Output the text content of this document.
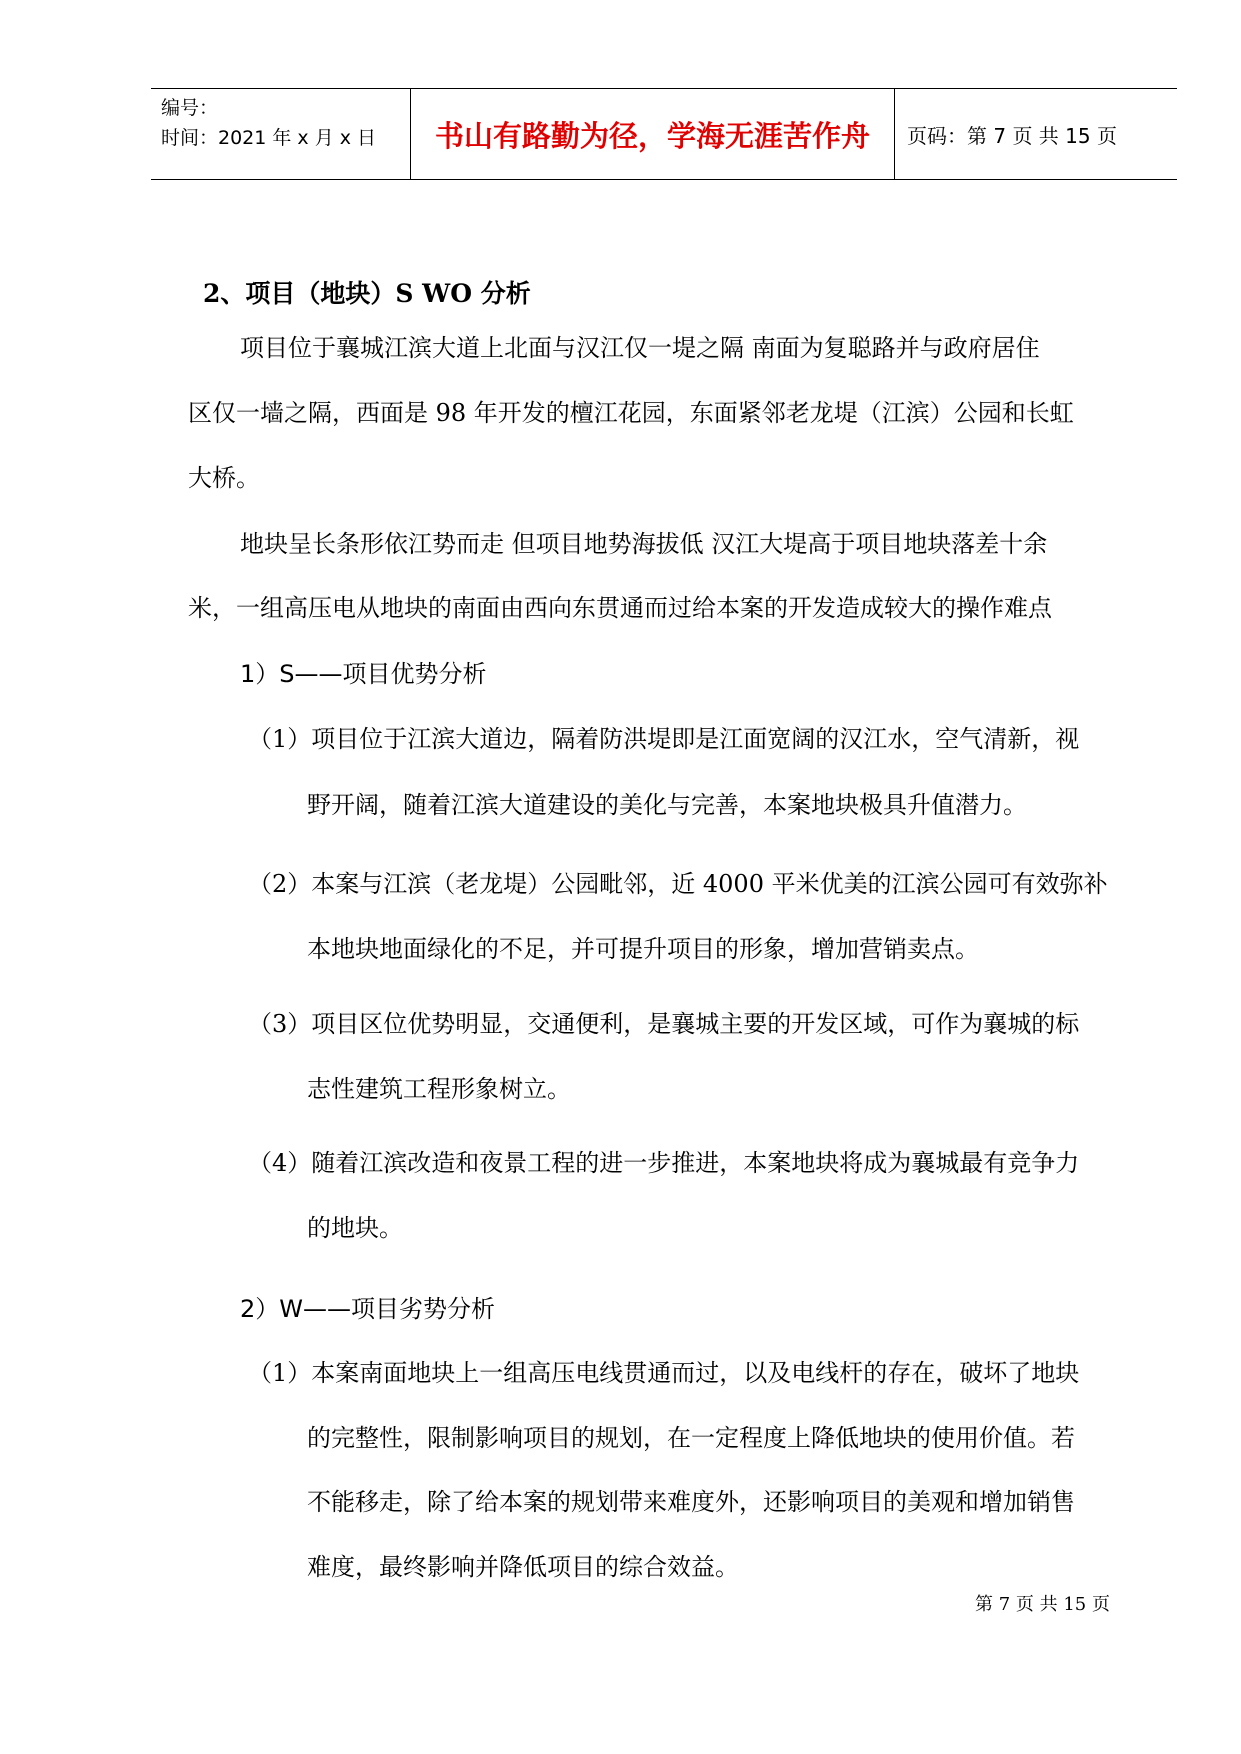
编号：
时间：2021 年 x 月 x 日	书山有路勤为径，学海无涯苦作舟	页码：第 7 页 共 15 页
2、项目（地块）S WO 分析
项目位于襄城江滨大道上北面与汉江仅一堤之隔 南面为复聪路并与政府居住
区仅一墙之隔，西面是 98 年开发的檀江花园，东面紧邻老龙堤（江滨）公园和长虹
大桥。
地块呈长条形依江势而走 但项目地势海拔低 汉江大堤高于项目地块落差十余
米，一组高压电从地块的南面由西向东贯通而过给本案的开发造成较大的操作难点
1）S——项目优势分析
（1）项目位于江滨大道边，隔着防洪堤即是江面宽阔的汉江水，空气清新，视
野开阔，随着江滨大道建设的美化与完善，本案地块极具升值潜力。
（2）本案与江滨（老龙堤）公园毗邻，近 4000 平米优美的江滨公园可有效弥补
本地块地面绿化的不足，并可提升项目的形象，增加营销卖点。
（3）项目区位优势明显，交通便利，是襄城主要的开发区域，可作为襄城的标
志性建筑工程形象树立。
（4）随着江滨改造和夜景工程的进一步推进，本案地块将成为襄城最有竞争力
的地块。
2）W——项目劣势分析
（1）本案南面地块上一组高压电线贯通而过，以及电线杆的存在，破坏了地块
的完整性，限制影响项目的规划，在一定程度上降低地块的使用价值。若
不能移走，除了给本案的规划带来难度外，还影响项目的美观和增加销售
难度，最终影响并降低项目的综合效益。
第 7 页 共 15 页
